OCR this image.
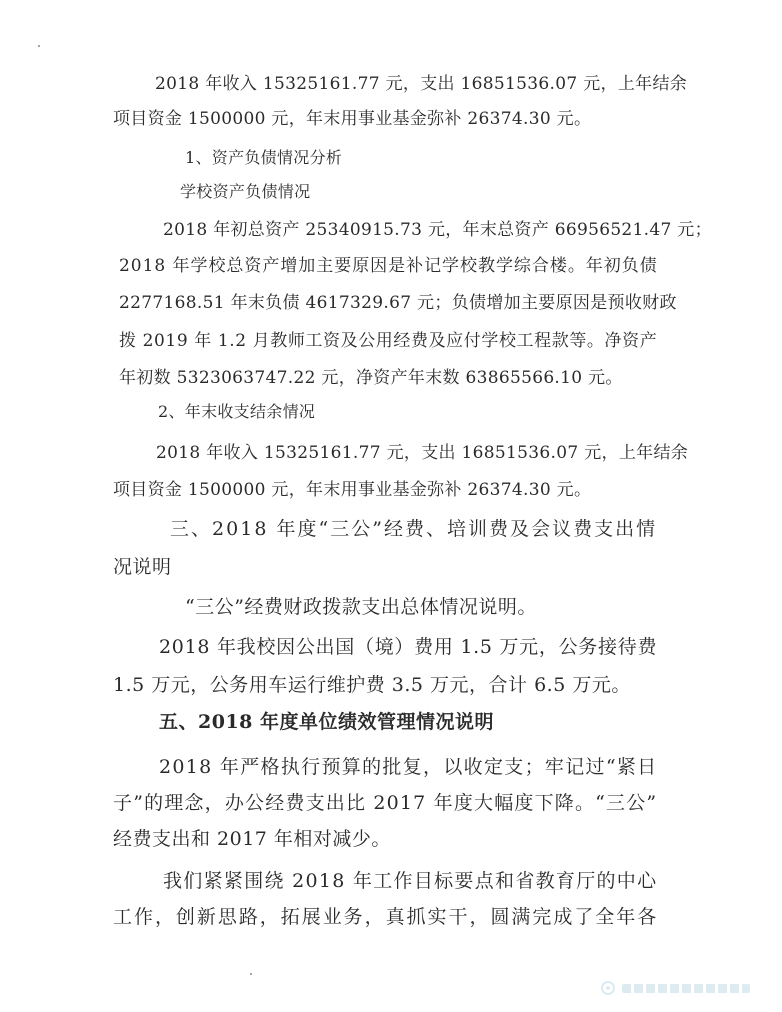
2 0 1 8
年 收 入
1 5 3 2 5 1 6 1 . 7 7
元 ， 支 出
1 6 8 5 1 5 3 6 . 0 7
元 ， 上 年 结 余
项目资金 1500000 元，年末用事业基金弥补 26374.30 元。
1、资产负债情况分析
学校资产负债情况
2018 年初总资产 25340915.73 元，年末总资产 66956521.47 元；
2 0 1 8
年 学 校 总 资 产 增 加 主 要 原 因 是 补 记 学 校 教 学 综 合 楼 。 年 初 负 债
2 2 7 7 1 6 8 . 5 1
年 末 负 债
4 6 1 7 3 2 9 . 6 7
元 ； 负 债 增 加 主 要 原 因 是 预 收 财 政
拨
2 0 1 9
年
1 . 2
月 教 师 工 资 及 公 用 经 费 及 应 付 学 校 工 程 款 等 。 净 资 产
年初数 5323063747.22 元，净资产年末数 63865566.10 元。
2、年末收支结余情况
2 0 1 8
年 收 入
1 5 3 2 5 1 6 1 . 7 7
元 ， 支 出
1 6 8 5 1 5 3 6 . 0 7
元 ， 上 年 结 余
项目资金 1500000 元，年末用事业基金弥补 26374.30 元。
三 、 2 0 1 8
年 度 “ 三 公 ” 经 费 、 培 训 费 及 会 议 费 支 出 情
况说明
“三公”经费财政拨款支出总体情况说明。
2 0 1 8
年 我 校 因 公 出 国 （ 境 ） 费 用
1 . 5
万 元 ， 公 务 接 待 费
1.5 万元，公务用车运行维护费 3.5 万元，合计 6.5 万元。
五、2018 年度单位绩效管理情况说明
2 0 1 8
年 严 格 执 行 预 算 的 批 复 ， 以 收 定 支 ； 牢 记 过 “ 紧 日
子 ” 的 理 念 ， 办 公 经 费 支 出 比
2 0 1 7
年 度 大 幅 度 下 降 。 “ 三 公 ”
经费支出和 2017 年相对减少。
我 们 紧 紧 围 绕
2 0 1 8
年 工 作 目 标 要 点 和 省 教 育 厅 的 中 心
工 作 ， 创 新 思 路 ， 拓 展 业 务 ， 真 抓 实 干 ， 圆 满 完 成 了 全 年 各
